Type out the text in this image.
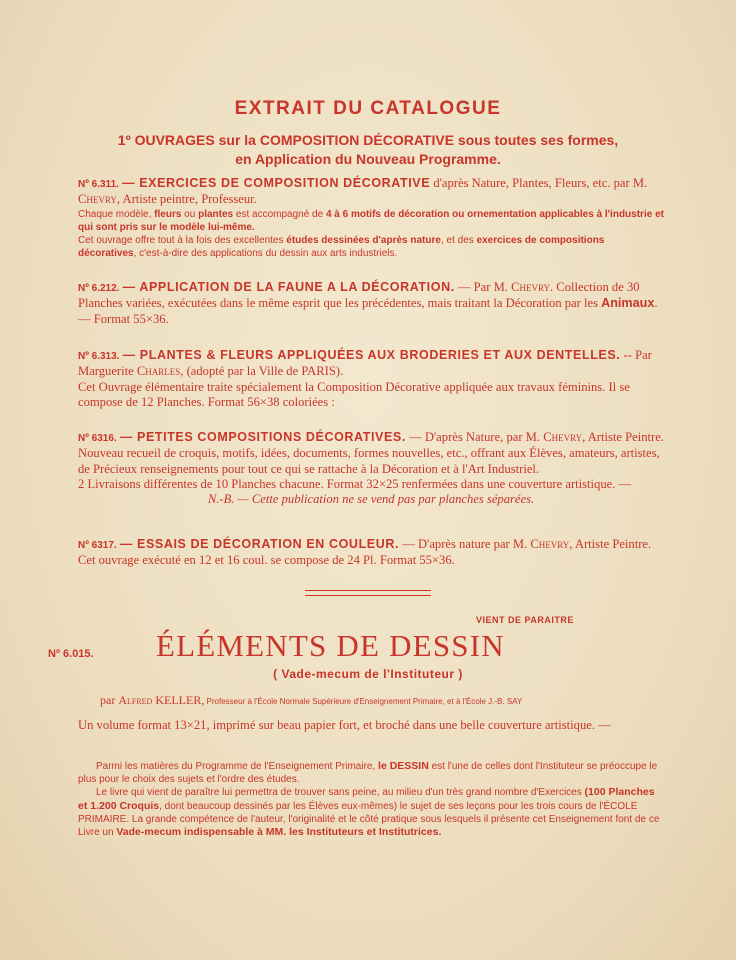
EXTRAIT DU CATALOGUE
1º OUVRAGES sur la COMPOSITION DÉCORATIVE sous toutes ses formes,
en Application du Nouveau Programme.

Nº 6.311. — EXERCICES DE COMPOSITION DÉCORATIVE d'après Nature, Plantes, Fleurs, etc. par M. Chevry, Artiste peintre, Professeur.

Chaque modèle, fleurs ou plantes est accompagné de 4 à 6 motifs de décoration ou ornementation applicables à l'industrie et qui sont pris sur le modèle lui-même.

Cet ouvrage offre tout à la fois des excellentes études dessinées d'après nature, et des exercices de compositions décoratives, c'est-à-dire des applications du dessin aux arts industriels.

Nº 6.212. — APPLICATION DE LA FAUNE A LA DÉCORATION. — Par M. Chevry. Collection de 30 Planches variées, exécutées dans le même esprit que les précédentes, mais traitant la Décoration par les Animaux. — Format 55×36.

Nº 6.313. — PLANTES & FLEURS APPLIQUÉES AUX BRODERIES ET AUX DENTELLES. -- Par Marguerite Charles, (adopté par la Ville de PARIS).

Cet Ouvrage élémentaire traite spécialement la Composition Décorative appliquée aux travaux féminins. Il se compose de 12 Planches. Format 56×38 coloriées :

Nº 6316. — PETITES COMPOSITIONS DÉCORATIVES. — D'après Nature, par M. Chevry, Artiste Peintre. Nouveau recueil de croquis, motifs, idées, documents, formes nouvelles, etc., offrant aux Élèves, amateurs, artistes, de Précieux renseignements pour tout ce qui se rattache à la Décoration et à l'Art Industriel.

2 Livraisons différentes de 10 Planches chacune. Format 32×25 renfermées dans une couverture artistique. —

N.-B. — Cette publication ne se vend pas par planches séparées.

Nº 6317. — ESSAIS DE DÉCORATION EN COULEUR. — D'après nature par M. Chevry, Artiste Peintre. Cet ouvrage exécuté en 12 et 16 coul. se compose de 24 Pl. Format 55×36.

VIENT DE PARAITRE
Nº 6.015. ÉLÉMENTS DE DESSIN
( Vade-mecum de l'Instituteur )
par Alfred KELLER, Professeur à l'École Normale Supérieure d'Enseignement Primaire, et à l'École J.-B. SAY
Un volume format 13×21, imprimé sur beau papier fort, et broché dans une belle couverture artistique. —

Parmi les matières du Programme de l'Enseignement Primaire, le DESSIN est l'une de celles dont l'Instituteur se préoccupe le plus pour le choix des sujets et l'ordre des études.

Le livre qui vient de paraître lui permettra de trouver sans peine, au milieu d'un très grand nombre d'Exercices (100 Planches et 1.200 Croquis, dont beaucoup dessinés par les Élèves eux-mêmes) le sujet de ses leçons pour les trois cours de l'ÉCOLE PRIMAIRE. La grande compétence de l'auteur, l'originalité et le côté pratique sous lesquels il présente cet Enseignement font de ce Livre un Vade-mecum indispensable à MM. les Instituteurs et Institutrices.
